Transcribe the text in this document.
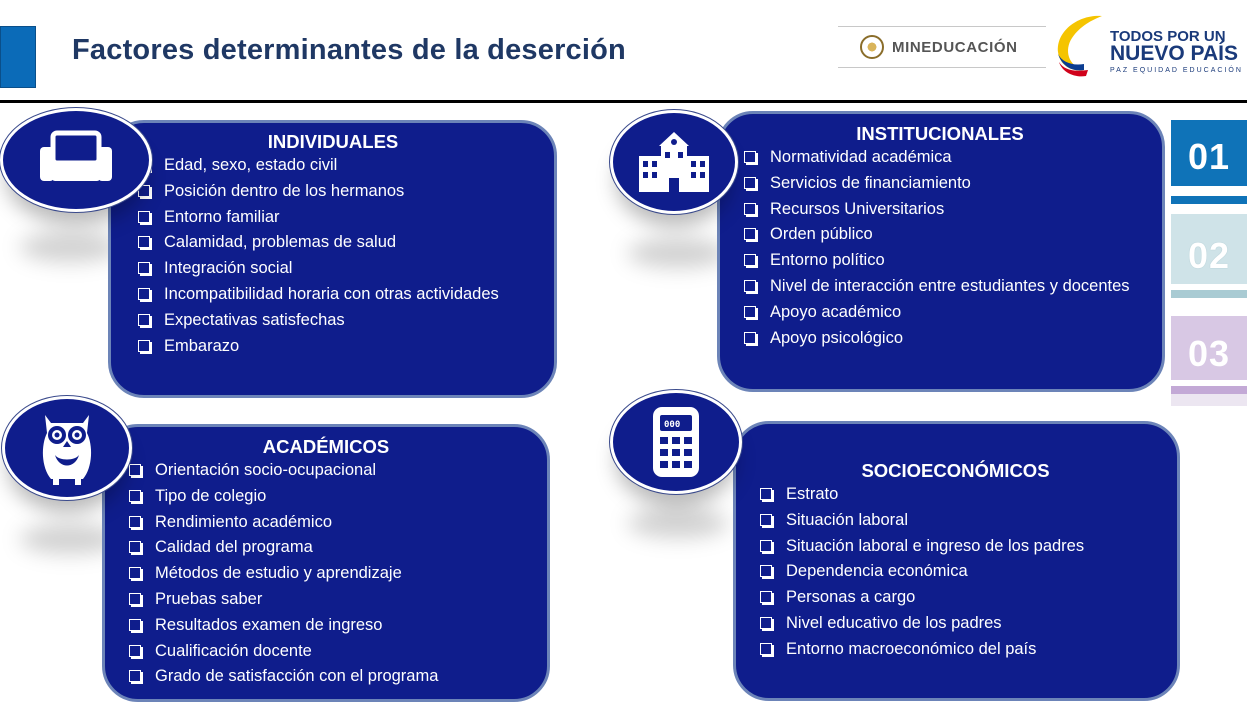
Factores determinantes de la deserción	MINEDUCACIÓN
TODOS POR UN
NUEVO PAÍS
PAZ EQUIDAD EDUCACIÓN
01
02
03
INDIVIDUALES
Edad, sexo, estado civil
Posición dentro de los hermanos
Entorno familiar
Calamidad, problemas de salud
Integración social
Incompatibilidad horaria con otras actividades
Expectativas satisfechas
Embarazo
INSTITUCIONALES
Normatividad académica
Servicios de financiamiento
Recursos Universitarios
Orden público
Entorno político
Nivel de interacción entre estudiantes y docentes
Apoyo académico
Apoyo psicológico
ACADÉMICOS
Orientación socio-ocupacional
Tipo de colegio
Rendimiento académico
Calidad del programa
Métodos de estudio y aprendizaje
Pruebas saber
Resultados examen de ingreso
Cualificación docente
Grado de satisfacción con el programa
SOCIOECONÓMICOS
Estrato
Situación laboral
Situación laboral e ingreso de los padres
Dependencia económica
Personas a cargo
Nivel educativo de los padres
Entorno macroeconómico del país
000
